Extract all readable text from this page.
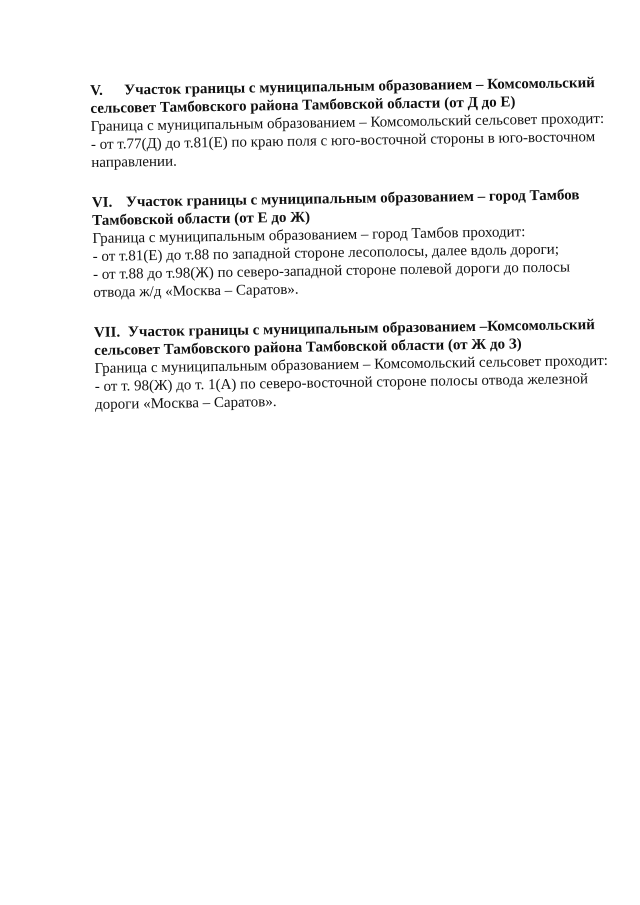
V. Участок границы с муниципальным образованием – Комсомольский сельсовет Тамбовского района Тамбовской области (от Д до Е)

Граница с муниципальным образованием – Комсомольский сельсовет проходит:

- от т.77(Д) до т.81(Е) по краю поля с юго-восточной стороны в юго-восточном направлении.

VI. Участок границы с муниципальным образованием – город Тамбов Тамбовской области (от Е до Ж)

Граница с муниципальным образованием – город Тамбов проходит:

- от т.81(Е) до т.88 по западной стороне лесополосы, далее вдоль дороги;

- от т.88 до т.98(Ж) по северо-западной стороне полевой дороги до полосы отвода ж/д «Москва – Саратов».

VII. Участок границы с муниципальным образованием –Комсомольский сельсовет Тамбовского района Тамбовской области (от Ж до З)

Граница с муниципальным образованием – Комсомольский сельсовет проходит:

- от т. 98(Ж) до т. 1(А) по северо-восточной стороне полосы отвода железной дороги «Москва – Саратов».
